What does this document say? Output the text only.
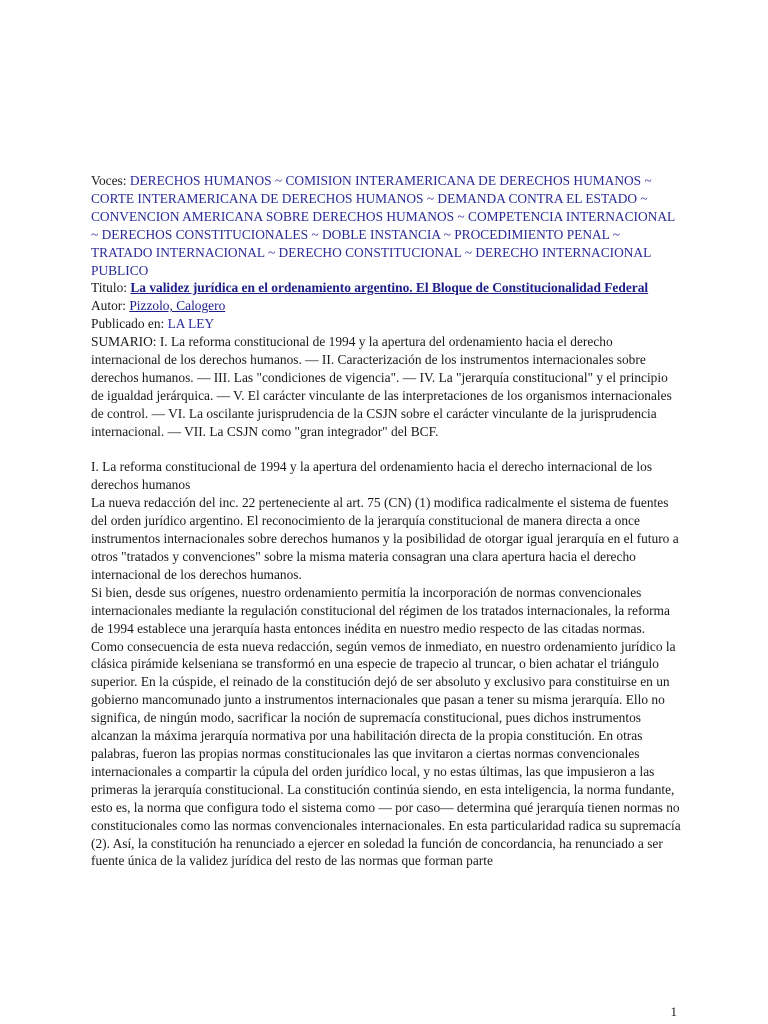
Voces: DERECHOS HUMANOS ~ COMISION INTERAMERICANA DE DERECHOS HUMANOS ~ CORTE INTERAMERICANA DE DERECHOS HUMANOS ~ DEMANDA CONTRA EL ESTADO ~ CONVENCION AMERICANA SOBRE DERECHOS HUMANOS ~ COMPETENCIA INTERNACIONAL ~ DERECHOS CONSTITUCIONALES ~ DOBLE INSTANCIA ~ PROCEDIMIENTO PENAL ~ TRATADO INTERNACIONAL ~ DERECHO CONSTITUCIONAL ~ DERECHO INTERNACIONAL PUBLICO

Titulo: La validez jurídica en el ordenamiento argentino. El Bloque de Constitucionalidad Federal

Autor: Pizzolo, Calogero

Publicado en: LA LEY

SUMARIO: I. La reforma constitucional de 1994 y la apertura del ordenamiento hacia el derecho internacional de los derechos humanos. — II. Caracterización de los instrumentos internacionales sobre derechos humanos. — III. Las "condiciones de vigencia". — IV. La "jerarquía constitucional" y el principio de igualdad jerárquica. — V. El carácter vinculante de las interpretaciones de los organismos internacionales de control. — VI. La oscilante jurisprudencia de la CSJN sobre el carácter vinculante de la jurisprudencia internacional. — VII. La CSJN como "gran integrador" del BCF.

I. La reforma constitucional de 1994 y la apertura del ordenamiento hacia el derecho internacional de los derechos humanos

La nueva redacción del inc. 22 perteneciente al art. 75 (CN) (1) modifica radicalmente el sistema de fuentes del orden jurídico argentino. El reconocimiento de la jerarquía constitucional de manera directa a once instrumentos internacionales sobre derechos humanos y la posibilidad de otorgar igual jerarquía en el futuro a otros "tratados y convenciones" sobre la misma materia consagran una clara apertura hacia el derecho internacional de los derechos humanos.

Si bien, desde sus orígenes, nuestro ordenamiento permitía la incorporación de normas convencionales internacionales mediante la regulación constitucional del régimen de los tratados internacionales, la reforma de 1994 establece una jerarquía hasta entonces inédita en nuestro medio respecto de las citadas normas.

Como consecuencia de esta nueva redacción, según vemos de inmediato, en nuestro ordenamiento jurídico la clásica pirámide kelseniana se transformó en una especie de trapecio al truncar, o bien achatar el triángulo superior. En la cúspide, el reinado de la constitución dejó de ser absoluto y exclusivo para constituirse en un gobierno mancomunado junto a instrumentos internacionales que pasan a tener su misma jerarquía. Ello no significa, de ningún modo, sacrificar la noción de supremacía constitucional, pues dichos instrumentos alcanzan la máxima jerarquía normativa por una habilitación directa de la propia constitución. En otras palabras, fueron las propias normas constitucionales las que invitaron a ciertas normas convencionales internacionales a compartir la cúpula del orden jurídico local, y no estas últimas, las que impusieron a las primeras la jerarquía constitucional. La constitución continúa siendo, en esta inteligencia, la norma fundante, esto es, la norma que configura todo el sistema como — por caso— determina qué jerarquía tienen normas no constitucionales como las normas convencionales internacionales. En esta particularidad radica su supremacía (2). Así, la constitución ha renunciado a ejercer en soledad la función de concordancia, ha renunciado a ser fuente única de la validez jurídica del resto de las normas que forman parte

1
